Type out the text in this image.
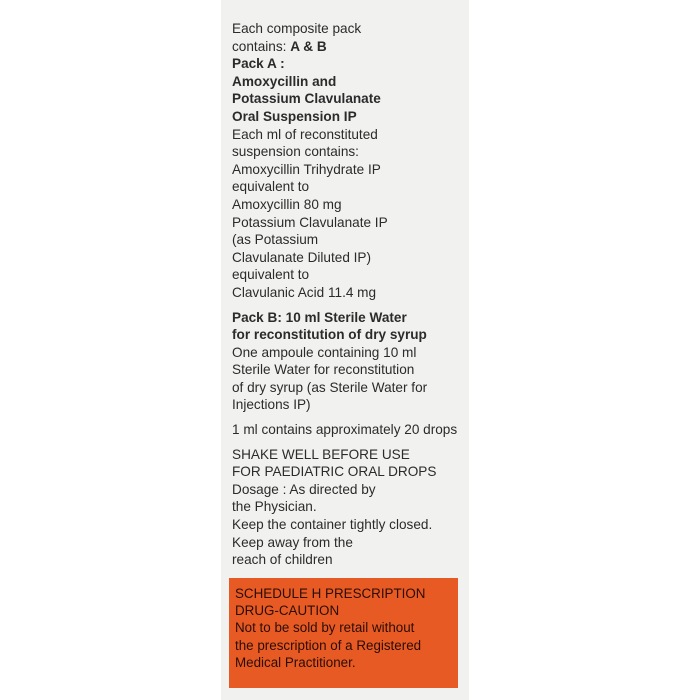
Each composite pack
contains: A & B
Pack A :
Amoxycillin and
Potassium Clavulanate
Oral Suspension IP
Each ml of reconstituted
suspension contains:
Amoxycillin Trihydrate IP
equivalent to
Amoxycillin 80 mg
Potassium Clavulanate IP
(as Potassium
Clavulanate Diluted IP)
equivalent to
Clavulanic Acid 11.4 mg
Pack B: 10 ml Sterile Water
for reconstitution of dry syrup
One ampoule containing 10 ml
Sterile Water for reconstitution
of dry syrup (as Sterile Water for
Injections IP)
1 ml contains approximately 20 drops
SHAKE WELL BEFORE USE
FOR PAEDIATRIC ORAL DROPS
Dosage : As directed by
the Physician.
Keep the container tightly closed.
Keep away from the
reach of children
SCHEDULE H PRESCRIPTION
DRUG-CAUTION
Not to be sold by retail without
the prescription of a Registered
Medical Practitioner.
